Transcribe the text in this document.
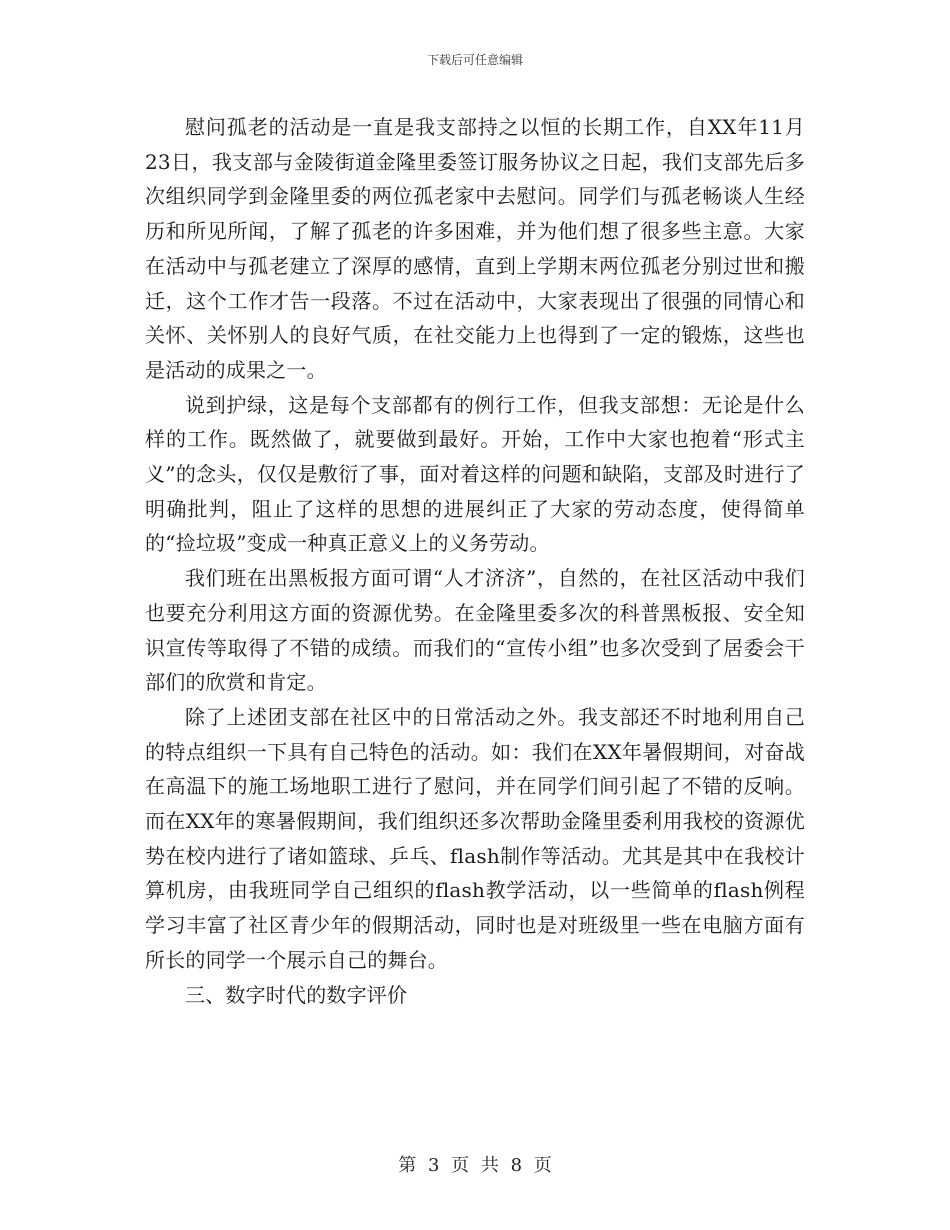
下载后可任意编辑

慰问孤老的活动是一直是我支部持之以恒的长期工作，自XX年11月23日，我支部与金陵街道金隆里委签订服务协议之日起，我们支部先后多次组织同学到金隆里委的两位孤老家中去慰问。同学们与孤老畅谈人生经历和所见所闻，了解了孤老的许多困难，并为他们想了很多些主意。大家在活动中与孤老建立了深厚的感情，直到上学期末两位孤老分别过世和搬迁，这个工作才告一段落。不过在活动中，大家表现出了很强的同情心和关怀、关怀别人的良好气质，在社交能力上也得到了一定的锻炼，这些也是活动的成果之一。

说到护绿，这是每个支部都有的例行工作，但我支部想：无论是什么样的工作。既然做了，就要做到最好。开始，工作中大家也抱着“形式主义”的念头，仅仅是敷衍了事，面对着这样的问题和缺陷，支部及时进行了明确批判，阻止了这样的思想的进展纠正了大家的劳动态度，使得简单的“捡垃圾”变成一种真正意义上的义务劳动。

我们班在出黑板报方面可谓“人才济济”，自然的，在社区活动中我们也要充分利用这方面的资源优势。在金隆里委多次的科普黑板报、安全知识宣传等取得了不错的成绩。而我们的“宣传小组”也多次受到了居委会干部们的欣赏和肯定。

除了上述团支部在社区中的日常活动之外。我支部还不时地利用自己的特点组织一下具有自己特色的活动。如：我们在XX年暑假期间，对奋战在高温下的施工场地职工进行了慰问，并在同学们间引起了不错的反响。而在XX年的寒暑假期间，我们组织还多次帮助金隆里委利用我校的资源优势在校内进行了诸如篮球、乒乓、flash制作等活动。尤其是其中在我校计算机房，由我班同学自己组织的flash教学活动，以一些简单的flash例程学习丰富了社区青少年的假期活动，同时也是对班级里一些在电脑方面有所长的同学一个展示自己的舞台。

三、数字时代的数字评价

第 3 页 共 8 页
